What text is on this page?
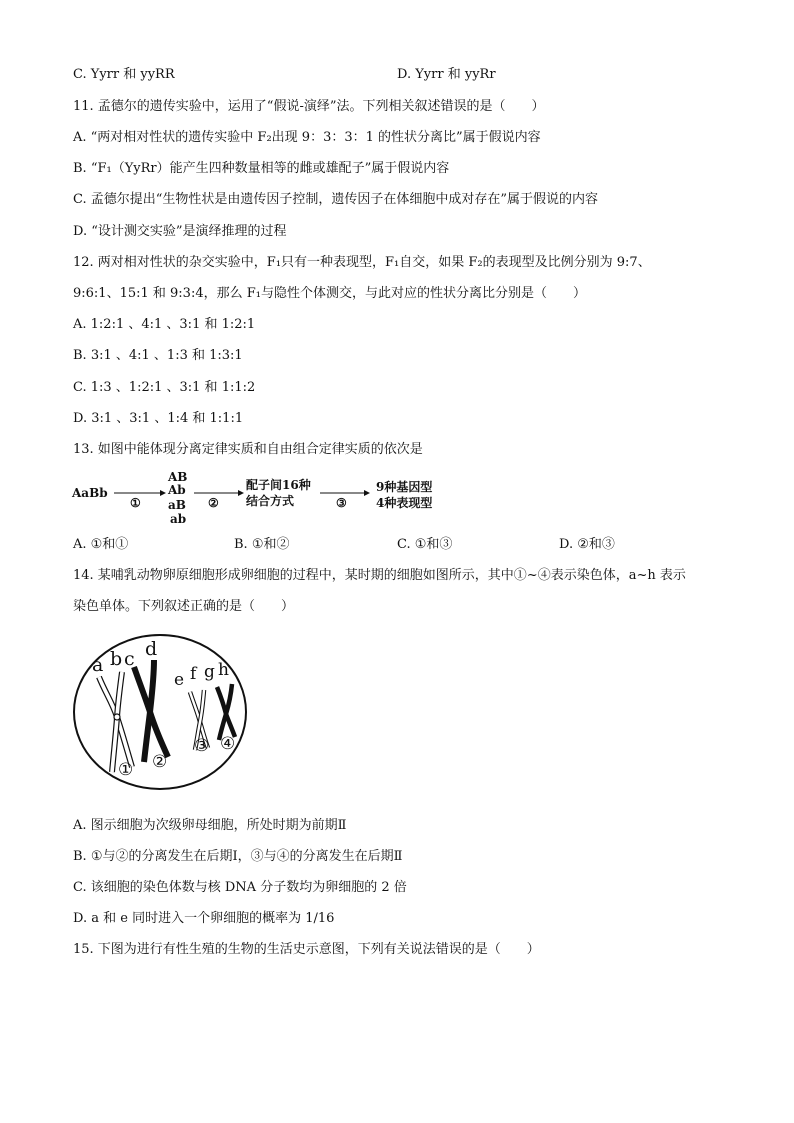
C. Yyrr 和 yyRR	D. Yyrr 和 yyRr
11. 孟德尔的遗传实验中，运用了“假说-演绎”法。下列相关叙述错误的是（　　）
A. “两对相对性状的遗传实验中 F₂出现 9：3：3：1 的性状分离比”属于假说内容
B. “F₁（YyRr）能产生四种数量相等的雌或雄配子”属于假说内容
C. 孟德尔提出“生物性状是由遗传因子控制，遗传因子在体细胞中成对存在”属于假说的内容
D. “设计测交实验”是演绎推理的过程
12. 两对相对性状的杂交实验中，F₁只有一种表现型，F₁自交，如果 F₂的表现型及比例分别为 9:7、
9:6:1、15:1 和 9:3:4，那么 F₁与隐性个体测交，与此对应的性状分离比分别是（　　）
A. 1:2:1 、4:1 、3:1 和 1:2:1
B. 3:1 、4:1 、1:3 和 1:3:1
C. 1:3 、1:2:1 、3:1 和 1:1:2
D. 3:1 、3:1 、1:4 和 1:1:1
13. 如图中能体现分离定律实质和自由组合定律实质的依次是
AaBb
①
AB
Ab
aB
ab
②
配子间16种
结合方式	③
9种基因型
4种表现型
A. ①和①	B. ①和②	C. ①和③	D. ②和③
14. 某哺乳动物卵原细胞形成卵细胞的过程中，某时期的细胞如图所示，其中①~④表示染色体，a~h 表示
染色单体。下列叙述正确的是（　　）
a b c d
e f g h
① ②
③ ④
A. 图示细胞为次级卵母细胞，所处时期为前期Ⅱ
B. ①与②的分离发生在后期Ⅰ，③与④的分离发生在后期Ⅱ
C. 该细胞的染色体数与核 DNA 分子数均为卵细胞的 2 倍
D. a 和 e 同时进入一个卵细胞的概率为 1/16
15. 下图为进行有性生殖的生物的生活史示意图，下列有关说法错误的是（　　）
